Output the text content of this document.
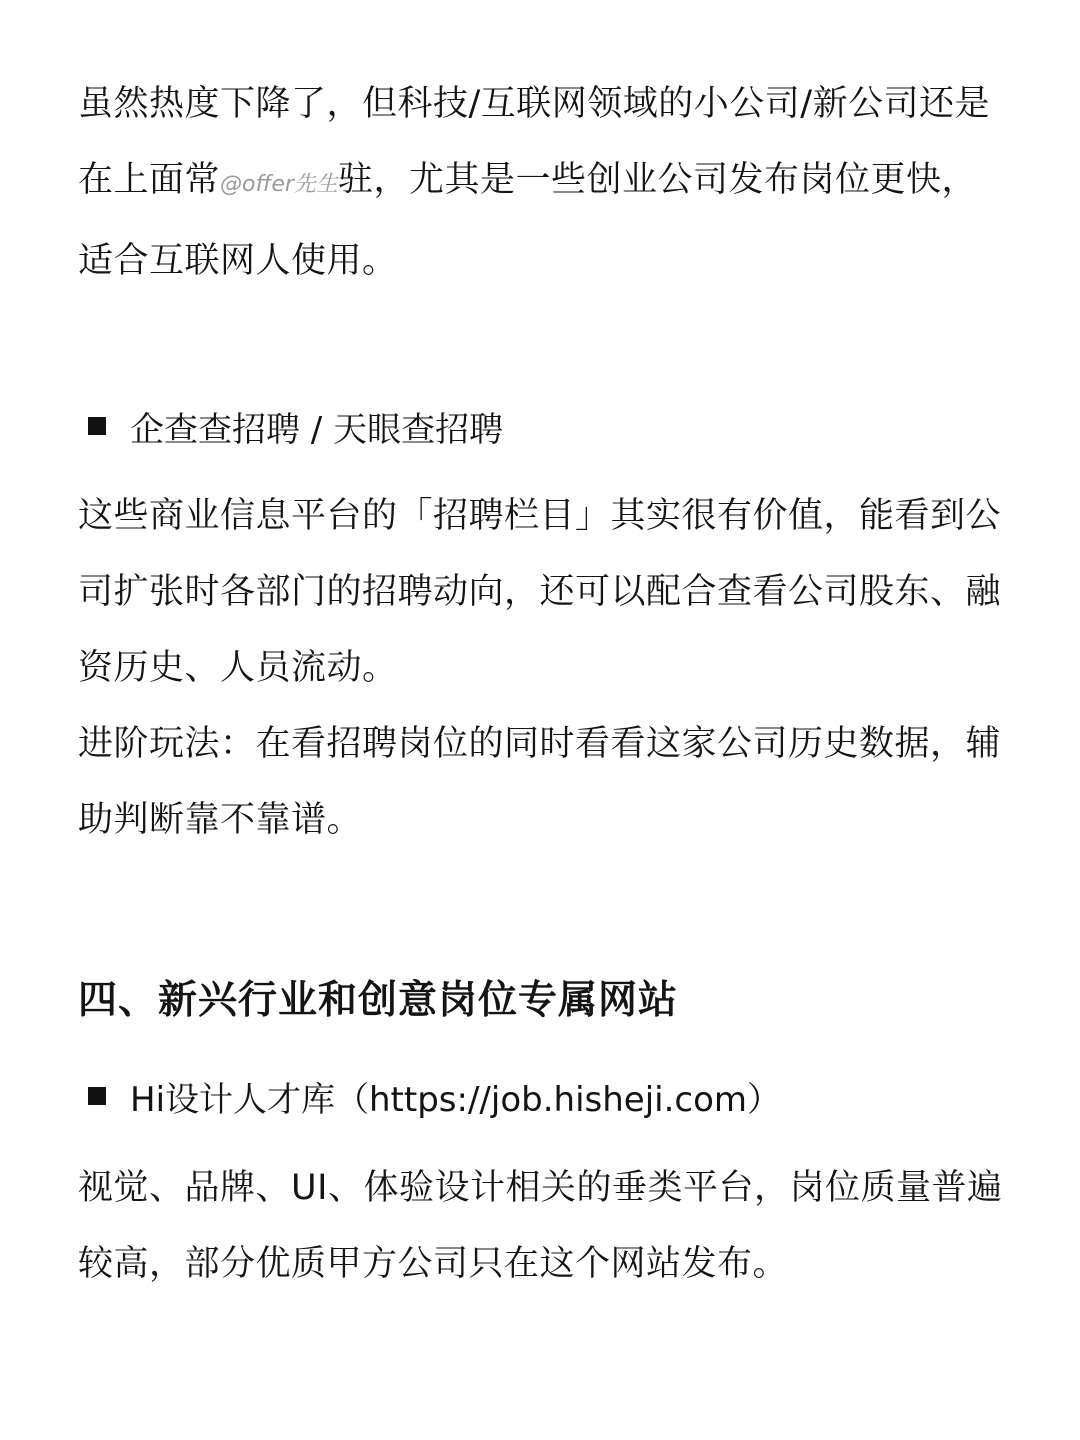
虽然热度下降了，但科技/互联网领域的小公司/新公司还是在上面常@offer先生驻，尤其是一些创业公司发布岗位更快，适合互联网人使用。

企查查招聘 / 天眼查招聘

这些商业信息平台的「招聘栏目」其实很有价值，能看到公司扩张时各部门的招聘动向，还可以配合查看公司股东、融资历史、人员流动。

进阶玩法：在看招聘岗位的同时看看这家公司历史数据，辅助判断靠不靠谱。

四、新兴行业和创意岗位专属网站
Hi设计人才库（https://job.hisheji.com）

视觉、品牌、UI、体验设计相关的垂类平台，岗位质量普遍较高，部分优质甲方公司只在这个网站发布。
